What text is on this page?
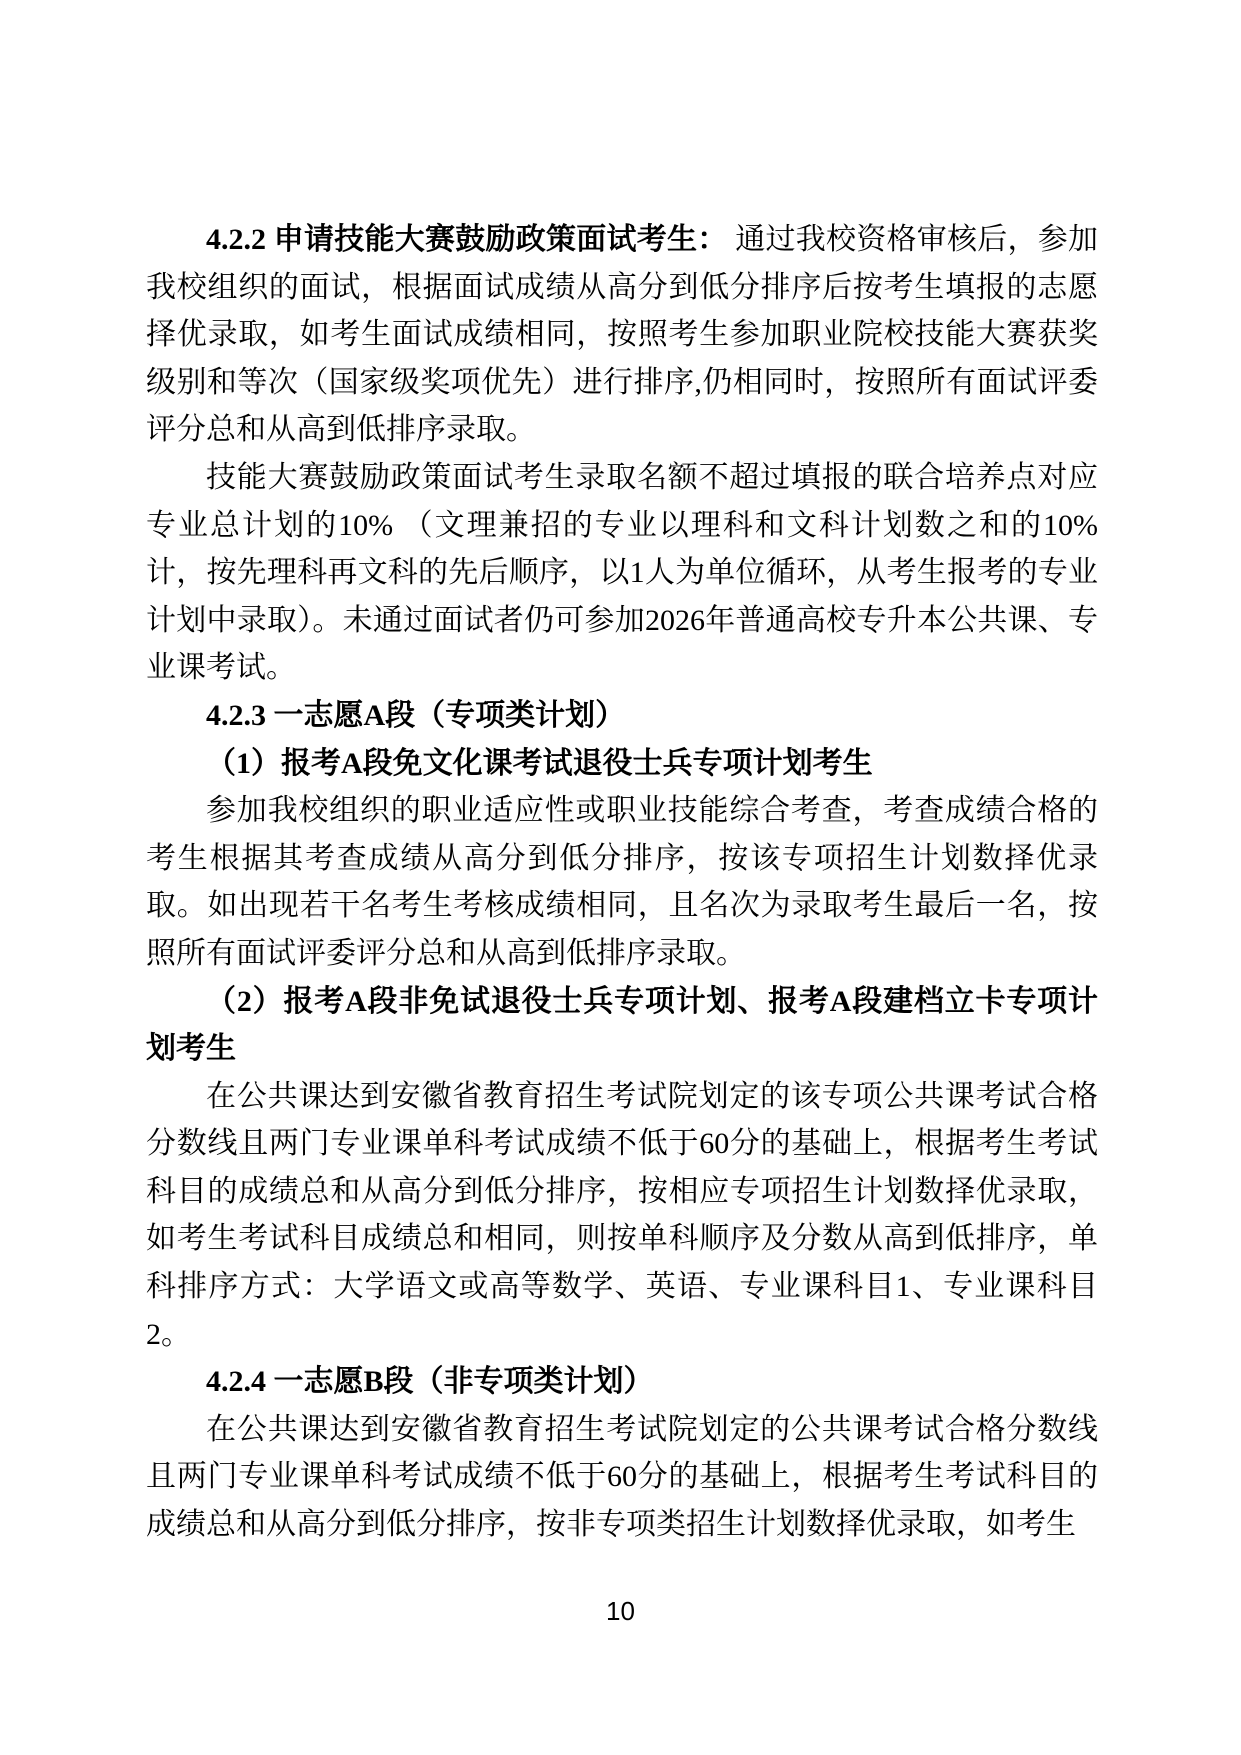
4.2.2 申请技能大赛鼓励政策面试考生： 通过我校资格审核后，参加我校组织的面试，根据面试成绩从高分到低分排序后按考生填报的志愿择优录取，如考生面试成绩相同，按照考生参加职业院校技能大赛获奖级别和等次（国家级奖项优先）进行排序,仍相同时，按照所有面试评委评分总和从高到低排序录取。

技能大赛鼓励政策面试考生录取名额不超过填报的联合培养点对应专业总计划的10% （文理兼招的专业以理科和文科计划数之和的10%计，按先理科再文科的先后顺序，以1人为单位循环，从考生报考的专业计划中录取）。未通过面试者仍可参加2026年普通高校专升本公共课、专业课考试。

4.2.3 一志愿A段（专项类计划）

（1）报考A段免文化课考试退役士兵专项计划考生

参加我校组织的职业适应性或职业技能综合考查，考查成绩合格的考生根据其考查成绩从高分到低分排序，按该专项招生计划数择优录取。如出现若干名考生考核成绩相同，且名次为录取考生最后一名，按照所有面试评委评分总和从高到低排序录取。

（2）报考A段非免试退役士兵专项计划、报考A段建档立卡专项计划考生

在公共课达到安徽省教育招生考试院划定的该专项公共课考试合格分数线且两门专业课单科考试成绩不低于60分的基础上，根据考生考试科目的成绩总和从高分到低分排序，按相应专项招生计划数择优录取，如考生考试科目成绩总和相同，则按单科顺序及分数从高到低排序，单科排序方式：大学语文或高等数学、英语、专业课科目1、专业课科目2。

4.2.4 一志愿B段（非专项类计划）

在公共课达到安徽省教育招生考试院划定的公共课考试合格分数线且两门专业课单科考试成绩不低于60分的基础上，根据考生考试科目的成绩总和从高分到低分排序，按非专项类招生计划数择优录取，如考生

10
